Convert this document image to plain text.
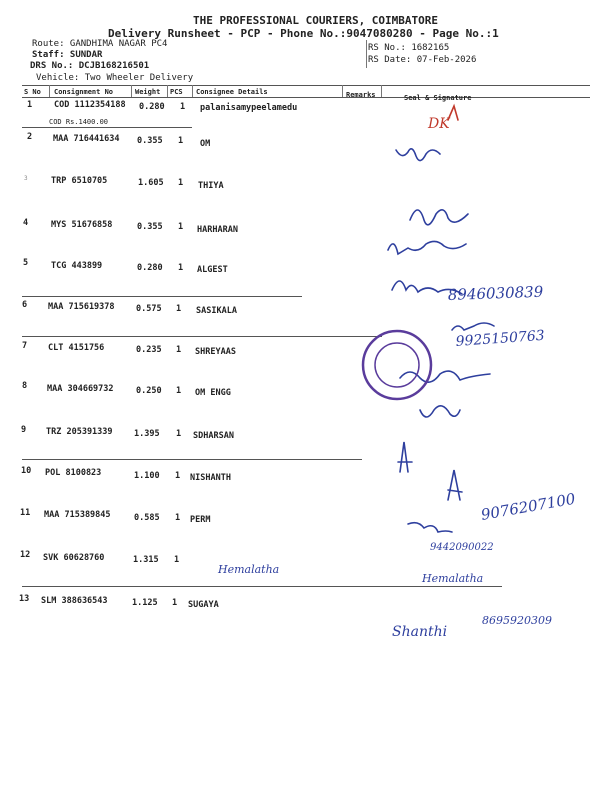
THE PROFESSIONAL COURIERS, COIMBATORE
Delivery Runsheet - PCP - Phone No.:9047080280 - Page No.:1
Route: GANDHIMA NAGAR PC4
Staff: SUNDAR
DRS No.: DCJB168216501
Vehicle: Two Wheeler Delivery
RS No.: 1682165
RS Date: 07-Feb-2026
S No Consignment No	Weight PCS Consignee Details	Remarks	Seal & Signature
1	COD 1112354188 0.280 1 palanisamypeelamedu
COD Rs.1400.00
2 MAA 716441634 0.355 1 OM
3	TRP 6510705	1.605 1 THIYA
4	MYS 51676858	0.355 1 HARHARAN
5	TCG 443899	0.280 1 ALGEST
6 MAA 715619378	0.575 1 SASIKALA
7 CLT 4151756	0.235 1 SHREYAAS
8 MAA 304669732	0.250 1 OM ENGG
9 TRZ 205391339	1.395 1 SDHARSAN
10 POL 8100823	1.100 1 NISHANTH
11 MAA 715389845	0.585 1 PERM
12 SVK 60628760	1.315 1
13 SLM 388636543	1.125 1 SUGAYA
DK
8946030839
9925150763
9076207100
9442090022
Hemalatha
Hemalatha
Shanthi
8695920309
